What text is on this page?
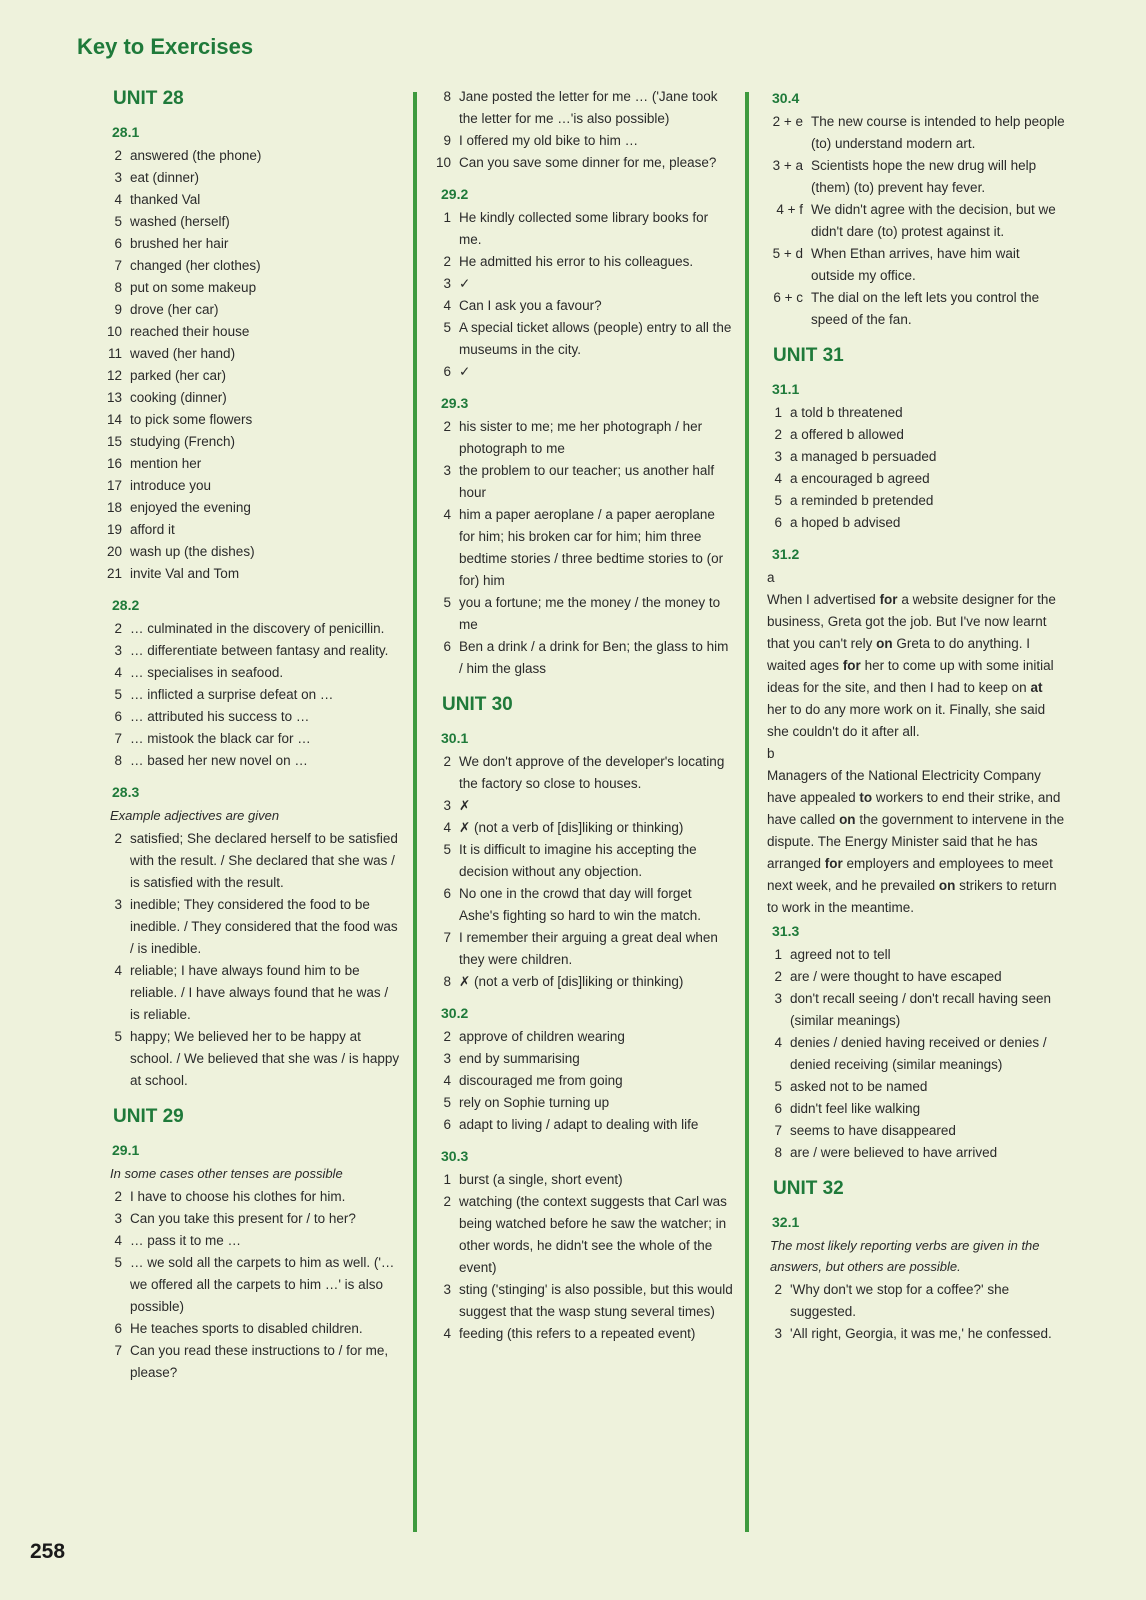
Key to Exercises
UNIT 28
28.1
2 answered (the phone)
3 eat (dinner)
4 thanked Val
5 washed (herself)
6 brushed her hair
7 changed (her clothes)
8 put on some makeup
9 drove (her car)
10 reached their house
11 waved (her hand)
12 parked (her car)
13 cooking (dinner)
14 to pick some flowers
15 studying (French)
16 mention her
17 introduce you
18 enjoyed the evening
19 afford it
20 wash up (the dishes)
21 invite Val and Tom
28.2
2 … culminated in the discovery of penicillin.
3 … differentiate between fantasy and reality.
4 … specialises in seafood.
5 … inflicted a surprise defeat on …
6 … attributed his success to …
7 … mistook the black car for …
8 … based her new novel on …
28.3
Example adjectives are given
2 satisfied; She declared herself to be satisfied with the result. / She declared that she was / is satisfied with the result.
3 inedible; They considered the food to be inedible. / They considered that the food was / is inedible.
4 reliable; I have always found him to be reliable. / I have always found that he was / is reliable.
5 happy; We believed her to be happy at school. / We believed that she was / is happy at school.
UNIT 29
29.1
In some cases other tenses are possible
2 I have to choose his clothes for him.
3 Can you take this present for / to her?
4 … pass it to me …
5 … we sold all the carpets to him as well. ('… we offered all the carpets to him …' is also possible)
6 He teaches sports to disabled children.
7 Can you read these instructions to / for me, please?
8 Jane posted the letter for me … ('Jane took the letter for me …'is also possible)
9 I offered my old bike to him …
10 Can you save some dinner for me, please?
29.2
1 He kindly collected some library books for me.
2 He admitted his error to his colleagues.
3 ✓
4 Can I ask you a favour?
5 A special ticket allows (people) entry to all the museums in the city.
6 ✓
29.3
2 his sister to me; me her photograph / her photograph to me
3 the problem to our teacher; us another half hour
4 him a paper aeroplane / a paper aeroplane for him; his broken car for him; him three bedtime stories / three bedtime stories to (or for) him
5 you a fortune; me the money / the money to me
6 Ben a drink / a drink for Ben; the glass to him / him the glass
UNIT 30
30.1
2 We don't approve of the developer's locating the factory so close to houses.
3 ✗
4 ✗ (not a verb of [dis]liking or thinking)
5 It is difficult to imagine his accepting the decision without any objection.
6 No one in the crowd that day will forget Ashe's fighting so hard to win the match.
7 I remember their arguing a great deal when they were children.
8 ✗ (not a verb of [dis]liking or thinking)
30.2
2 approve of children wearing
3 end by summarising
4 discouraged me from going
5 rely on Sophie turning up
6 adapt to living / adapt to dealing with life
30.3
1 burst (a single, short event)
2 watching (the context suggests that Carl was being watched before he saw the watcher; in other words, he didn't see the whole of the event)
3 sting ('stinging' is also possible, but this would suggest that the wasp stung several times)
4 feeding (this refers to a repeated event)
30.4
2 + e The new course is intended to help people (to) understand modern art.
3 + a Scientists hope the new drug will help (them) (to) prevent hay fever.
4 + f We didn't agree with the decision, but we didn't dare (to) protest against it.
5 + d When Ethan arrives, have him wait outside my office.
6 + c The dial on the left lets you control the speed of the fan.
UNIT 31
31.1
1 a told b threatened
2 a offered b allowed
3 a managed b persuaded
4 a encouraged b agreed
5 a reminded b pretended
6 a hoped b advised
31.2
a
When I advertised for a website designer for the business, Greta got the job. But I've now learnt that you can't rely on Greta to do anything. I waited ages for her to come up with some initial ideas for the site, and then I had to keep on at her to do any more work on it. Finally, she said she couldn't do it after all.
b
Managers of the National Electricity Company have appealed to workers to end their strike, and have called on the government to intervene in the dispute. The Energy Minister said that he has arranged for employers and employees to meet next week, and he prevailed on strikers to return to work in the meantime.
31.3
1 agreed not to tell
2 are / were thought to have escaped
3 don't recall seeing / don't recall having seen (similar meanings)
4 denies / denied having received or denies / denied receiving (similar meanings)
5 asked not to be named
6 didn't feel like walking
7 seems to have disappeared
8 are / were believed to have arrived
UNIT 32
32.1
The most likely reporting verbs are given in the answers, but others are possible.
2 'Why don't we stop for a coffee?' she suggested.
3 'All right, Georgia, it was me,' he confessed.
258
